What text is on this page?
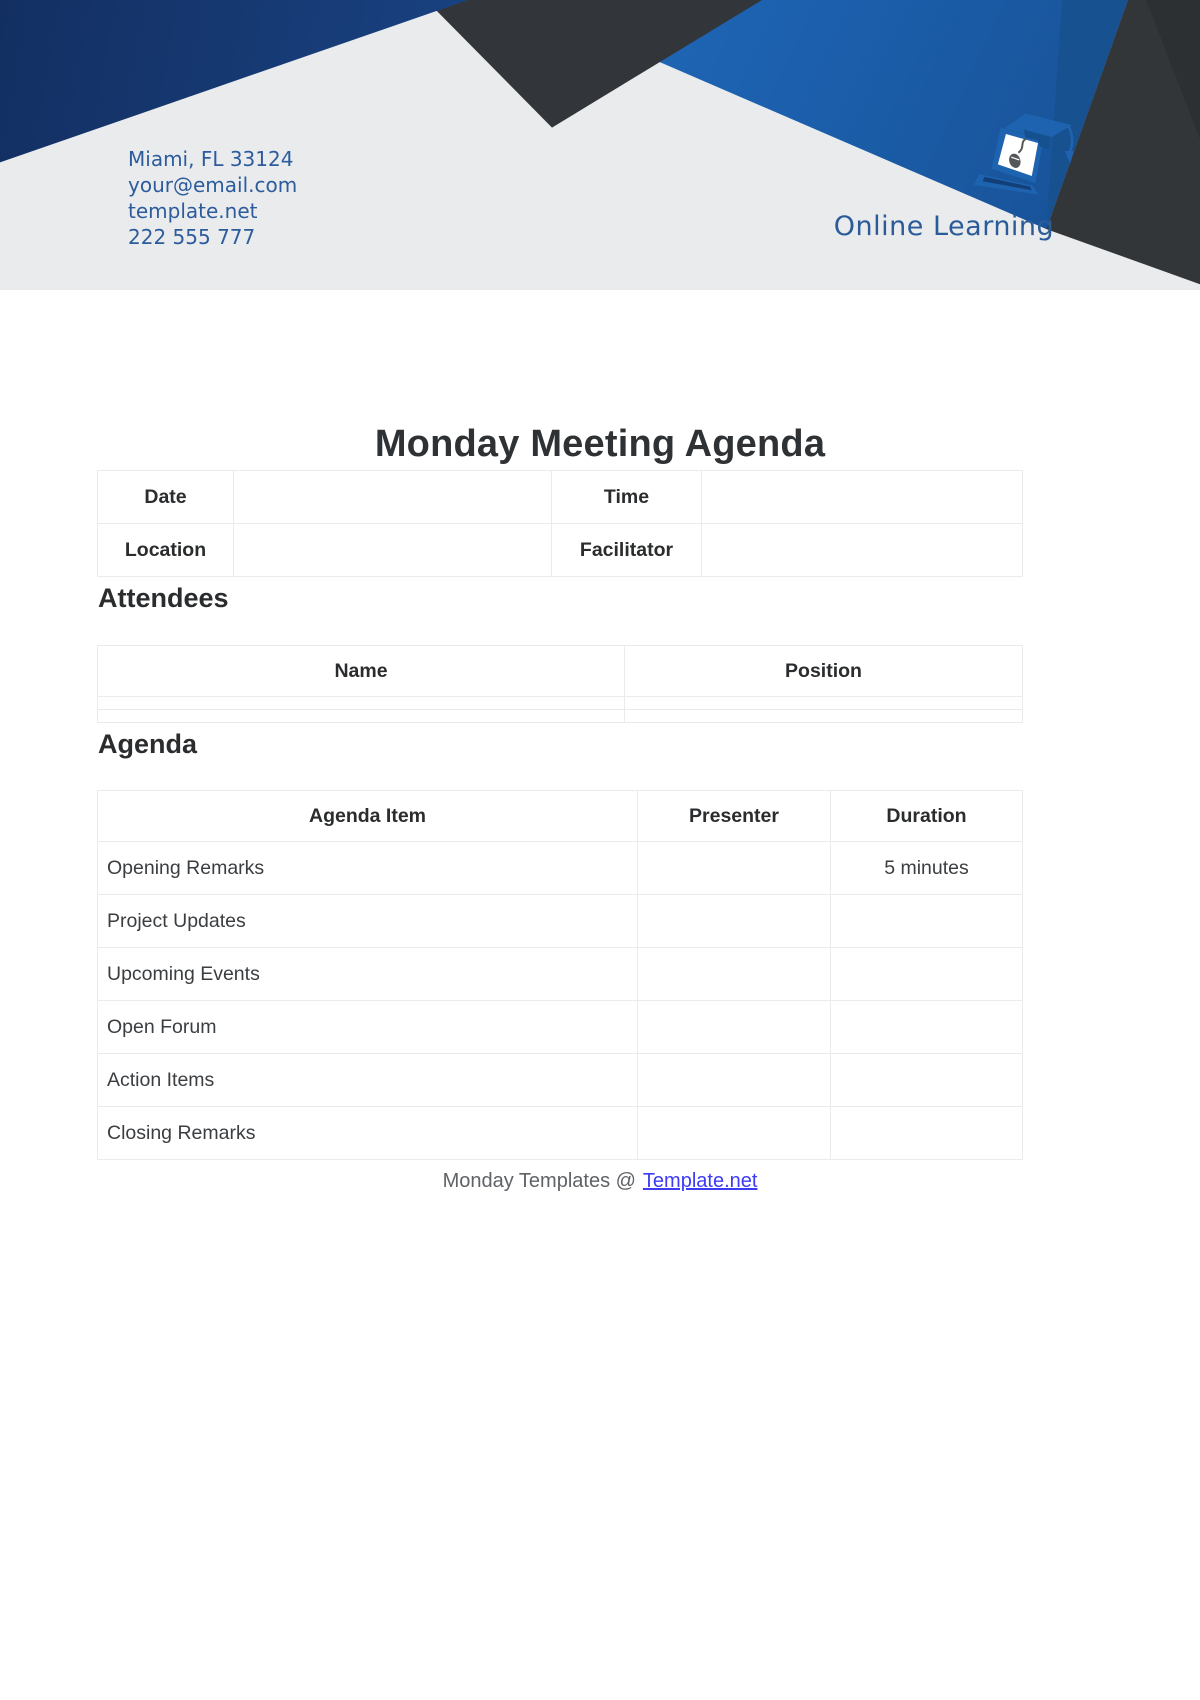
Miami, FL 33124
your@email.com
template.net
222 555 777	Online Learning
Monday Meeting Agenda
Date		Time	
Location		Facilitator	
Attendees
Name	Position

Agenda
Agenda Item	Presenter	Duration
Opening Remarks		5 minutes
Project Updates		
Upcoming Events		
Open Forum		
Action Items		
Closing Remarks		
Monday Templates @ Template.net
